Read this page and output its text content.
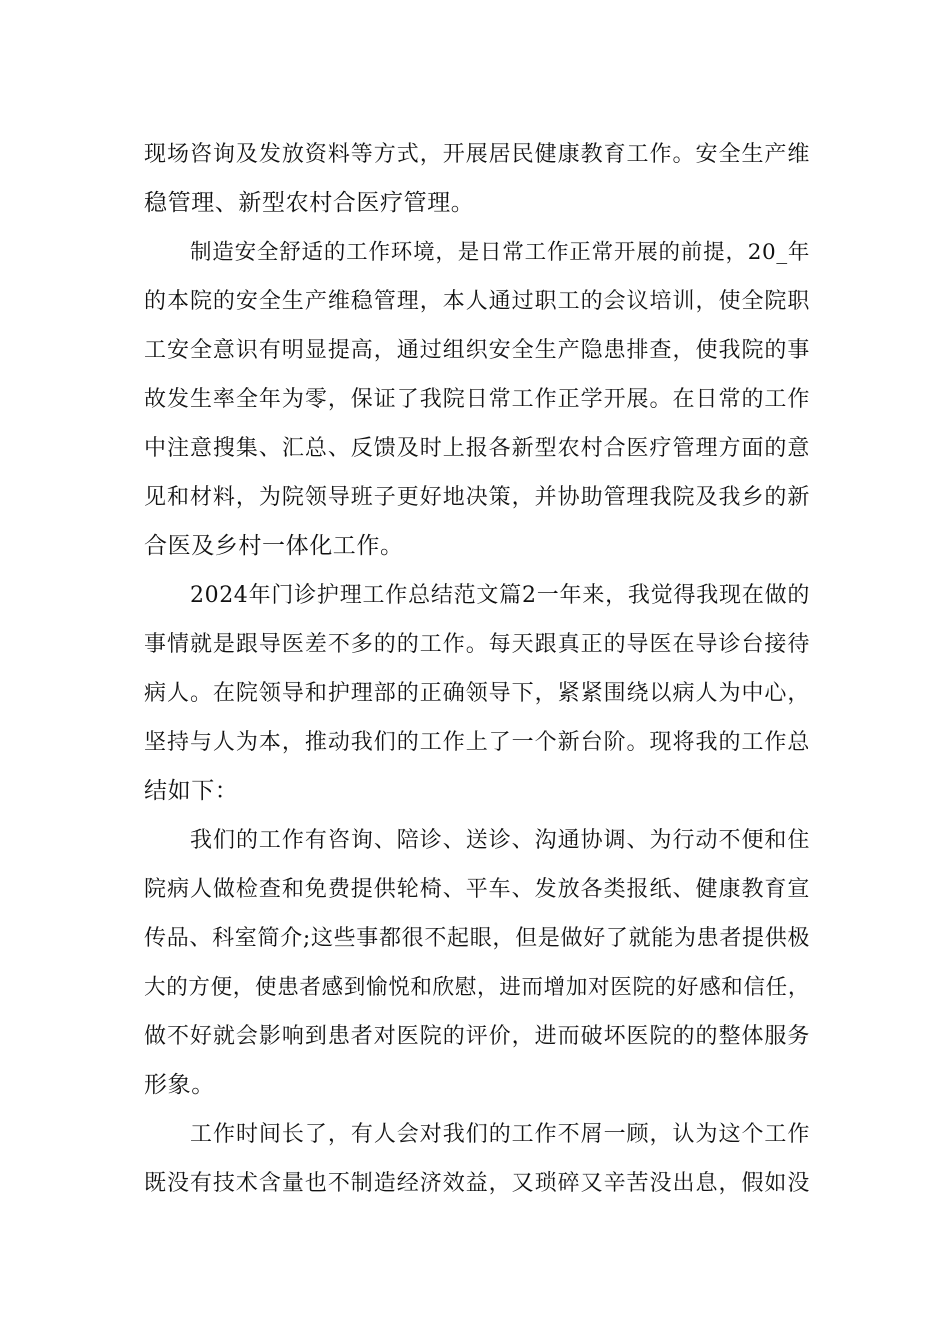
现场咨询及发放资料等方式，开展居民健康教育工作。安全生产维
稳管理、新型农村合医疗管理。
制造安全舒适的工作环境，是日常工作正常开展的前提，20_年
的本院的安全生产维稳管理，本人通过职工的会议培训，使全院职
工安全意识有明显提高，通过组织安全生产隐患排查，使我院的事
故发生率全年为零，保证了我院日常工作正学开展。在日常的工作
中注意搜集、汇总、反馈及时上报各新型农村合医疗管理方面的意
见和材料，为院领导班子更好地决策，并协助管理我院及我乡的新
合医及乡村一体化工作。
2024年门诊护理工作总结范文篇2一年来，我觉得我现在做的
事情就是跟导医差不多的的工作。每天跟真正的导医在导诊台接待
病人。在院领导和护理部的正确领导下，紧紧围绕以病人为中心，
坚持与人为本，推动我们的工作上了一个新台阶。现将我的工作总
结如下：
我们的工作有咨询、陪诊、送诊、沟通协调、为行动不便和住
院病人做检查和免费提供轮椅、平车、发放各类报纸、健康教育宣
传品、科室简介;这些事都很不起眼，但是做好了就能为患者提供极
大的方便，使患者感到愉悦和欣慰，进而增加对医院的好感和信任，
做不好就会影响到患者对医院的评价，进而破坏医院的的整体服务
形象。
工作时间长了，有人会对我们的工作不屑一顾，认为这个工作
既没有技术含量也不制造经济效益，又琐碎又辛苦没出息，假如没
